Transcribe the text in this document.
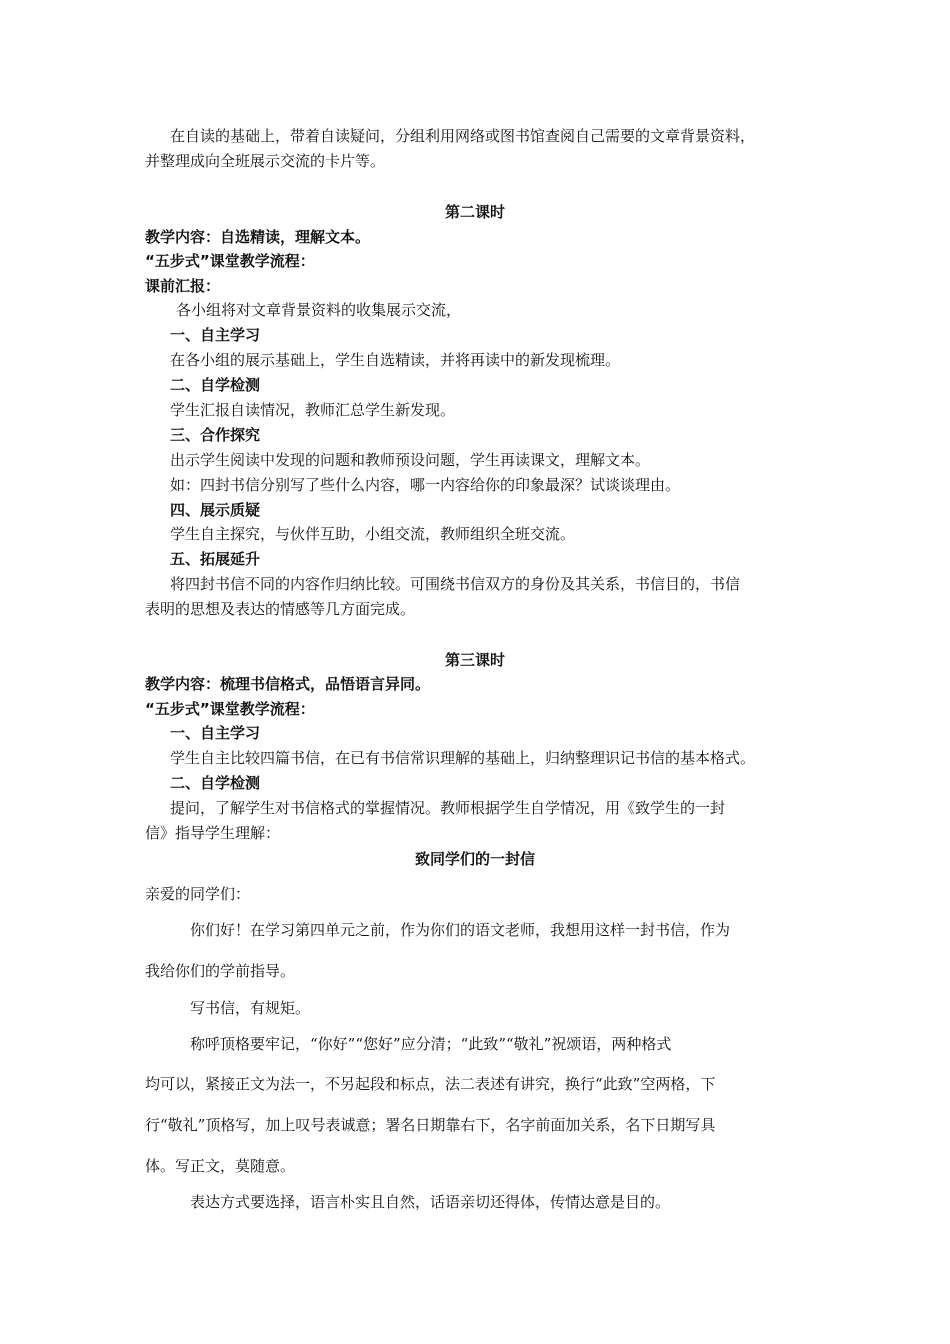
在自读的基础上，带着自读疑问，分组利用网络或图书馆查阅自己需要的文章背景资料，
并整理成向全班展示交流的卡片等。
第二课时
教学内容：自选精读，理解文本。
“五步式”课堂教学流程：
课前汇报：
各小组将对文章背景资料的收集展示交流，
一、自主学习
在各小组的展示基础上，学生自选精读，并将再读中的新发现梳理。
二、自学检测
学生汇报自读情况，教师汇总学生新发现。
三、合作探究
出示学生阅读中发现的问题和教师预设问题，学生再读课文，理解文本。
如：四封书信分别写了些什么内容，哪一内容给你的印象最深？试谈谈理由。
四、展示质疑
学生自主探究，与伙伴互助，小组交流，教师组织全班交流。
五、拓展延升
将四封书信不同的内容作归纳比较。可围绕书信双方的身份及其关系，书信目的，书信
表明的思想及表达的情感等几方面完成。
第三课时
教学内容：梳理书信格式，品悟语言异同。
“五步式”课堂教学流程：
一、自主学习
学生自主比较四篇书信，在已有书信常识理解的基础上，归纳整理识记书信的基本格式。
二、自学检测
提问，了解学生对书信格式的掌握情况。教师根据学生自学情况，用《致学生的一封
信》指导学生理解：
致同学们的一封信
亲爱的同学们：
你们好！在学习第四单元之前，作为你们的语文老师，我想用这样一封书信，作为
我给你们的学前指导。
写书信，有规矩。
称呼顶格要牢记，“你好”“您好”应分清；“此致”“敬礼”祝颂语，两种格式
均可以，紧接正文为法一，不另起段和标点，法二表述有讲究，换行“此致”空两格，下
行“敬礼”顶格写，加上叹号表诚意；署名日期靠右下，名字前面加关系，名下日期写具
体。写正文，莫随意。
表达方式要选择，语言朴实且自然，话语亲切还得体，传情达意是目的。
